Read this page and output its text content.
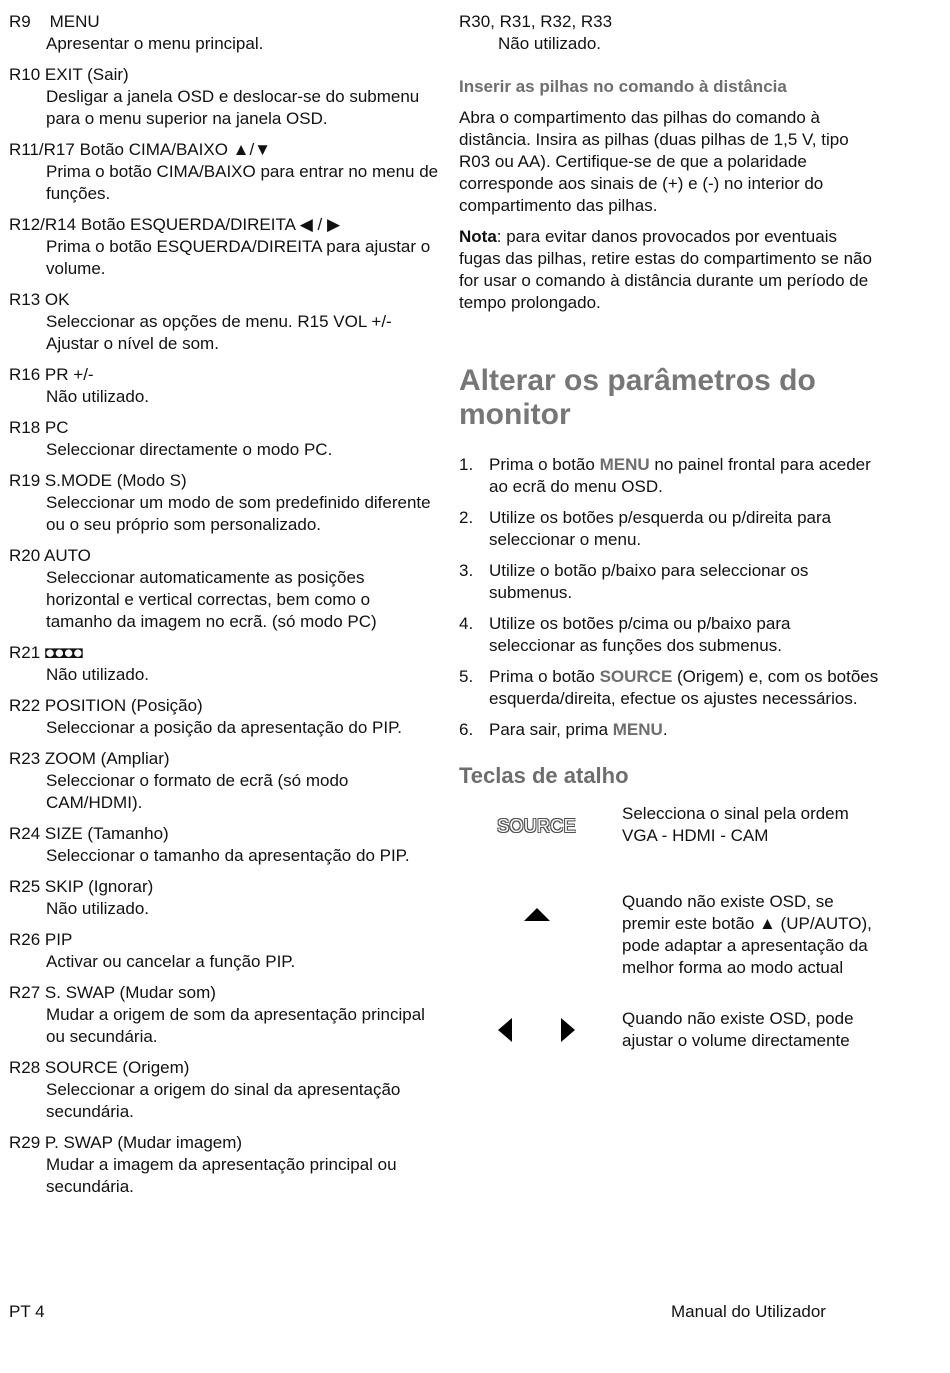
R9 MENU
Apresentar o menu principal.
R10 EXIT (Sair)
Desligar a janela OSD e deslocar-se do submenu para o menu superior na janela OSD.
R11/R17 Botão CIMA/BAIXO ▲/▼
Prima o botão CIMA/BAIXO para entrar no menu de funções.
R12/R14 Botão ESQUERDA/DIREITA ◀ / ▶
Prima o botão ESQUERDA/DIREITA para ajustar o volume.
R13 OK
Seleccionar as opções de menu. R15 VOL +/- Ajustar o nível de som.
R16 PR +/-
Não utilizado.
R18 PC
Seleccionar directamente o modo PC.
R19 S.MODE (Modo S)
Seleccionar um modo de som predefinido diferente ou o seu próprio som personalizado.
R20 AUTO
Seleccionar automaticamente as posições horizontal e vertical correctas, bem como o tamanho da imagem no ecrã. (só modo PC)
R21 ◘◘◘◘
Não utilizado.
R22 POSITION (Posição)
Seleccionar a posição da apresentação do PIP.
R23 ZOOM (Ampliar)
Seleccionar o formato de ecrã (só modo CAM/HDMI).
R24 SIZE (Tamanho)
Seleccionar o tamanho da apresentação do PIP.
R25 SKIP (Ignorar)
Não utilizado.
R26 PIP
Activar ou cancelar a função PIP.
R27 S. SWAP (Mudar som)
Mudar a origem de som da apresentação principal ou secundária.
R28 SOURCE (Origem)
Seleccionar a origem do sinal da apresentação secundária.
R29 P. SWAP (Mudar imagem)
Mudar a imagem da apresentação principal ou secundária.
R30, R31, R32, R33
Não utilizado.
Inserir as pilhas no comando à distância

Abra o compartimento das pilhas do comando à distância. Insira as pilhas (duas pilhas de 1,5 V, tipo R03 ou AA). Certifique-se de que a polaridade corresponde aos sinais de (+) e (-) no interior do compartimento das pilhas.

Nota: para evitar danos provocados por eventuais fugas das pilhas, retire estas do compartimento se não for usar o comando à distância durante um período de tempo prolongado.

Alterar os parâmetros do monitor
1. Prima o botão MENU no painel frontal para aceder ao ecrã do menu OSD.
2. Utilize os botões p/esquerda ou p/direita para seleccionar o menu.
3. Utilize o botão p/baixo para seleccionar os submenus.
4. Utilize os botões p/cima ou p/baixo para seleccionar as funções dos submenus.
5. Prima o botão SOURCE (Origem) e, com os botões esquerda/direita, efectue os ajustes necessários.
6. Para sair, prima MENU.
Teclas de atalho
SOURCE
Selecciona o sinal pela ordem VGA - HDMI - CAM
Quando não existe OSD, se premir este botão ▲ (UP/AUTO), pode adaptar a apresentação da melhor forma ao modo actual

Quando não existe OSD, pode ajustar o volume directamente
PT 4	Manual do Utilizador
